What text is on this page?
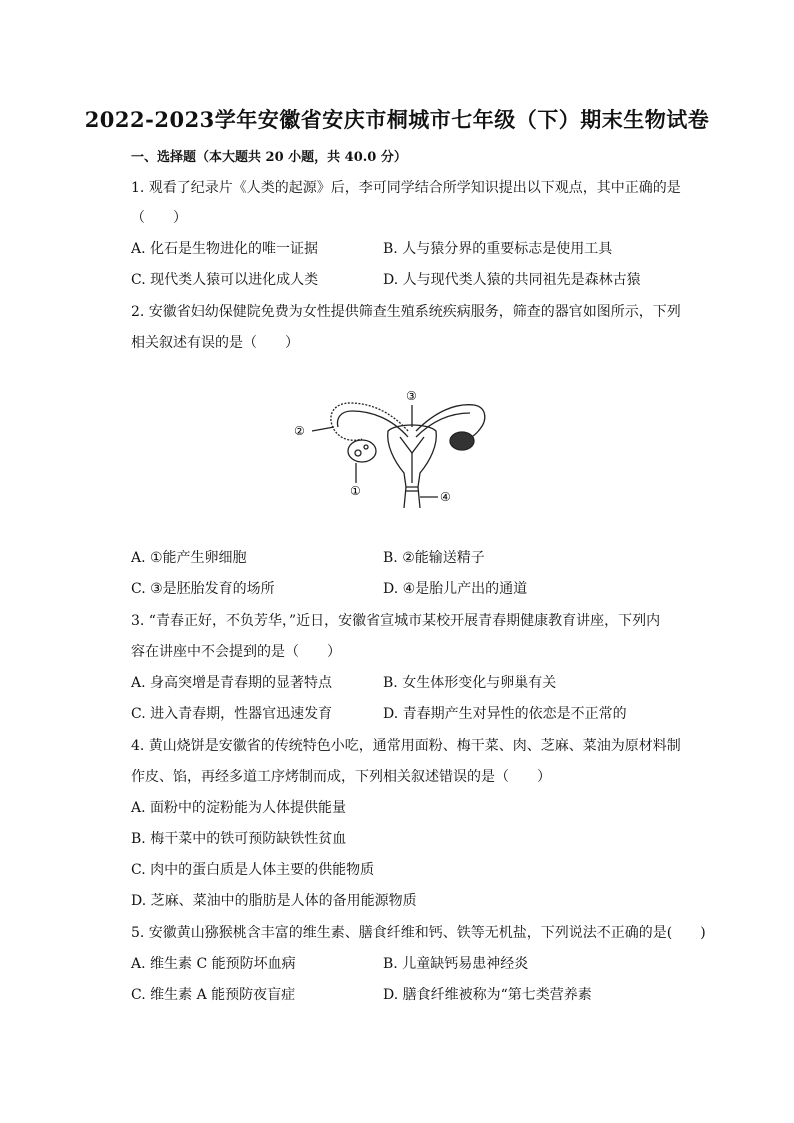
2022-2023学年安徽省安庆市桐城市七年级（下）期末生物试卷
一、选择题（本大题共 20 小题，共 40.0 分）
1. 观看了纪录片《人类的起源》后，李可同学结合所学知识提出以下观点，其中正确的是
（　　）
A. 化石是生物进化的唯一证据	B. 人与猿分界的重要标志是使用工具
C. 现代类人猿可以进化成人类	D. 人与现代类人猿的共同祖先是森林古猿
2. 安徽省妇幼保健院免费为女性提供筛查生殖系统疾病服务，筛查的器官如图所示，下列
相关叙述有误的是（　　）
③
②
①	④
A. ①能产生卵细胞	B. ②能输送精子
C. ③是胚胎发育的场所	D. ④是胎儿产出的通道
3. “青春正好，不负芳华，”近日，安徽省宣城市某校开展青春期健康教育讲座，下列内
容在讲座中不会提到的是（　　）
A. 身高突增是青春期的显著特点	B. 女生体形变化与卵巢有关
C. 进入青春期，性器官迅速发育	D. 青春期产生对异性的依恋是不正常的
4. 黄山烧饼是安徽省的传统特色小吃，通常用面粉、梅干菜、肉、芝麻、菜油为原材料制
作皮、馅，再经多道工序烤制而成，下列相关叙述错误的是（　　）
A. 面粉中的淀粉能为人体提供能量
B. 梅干菜中的铁可预防缺铁性贫血
C. 肉中的蛋白质是人体主要的供能物质
D. 芝麻、菜油中的脂肪是人体的备用能源物质
5. 安徽黄山猕猴桃含丰富的维生素、膳食纤维和钙、铁等无机盐，下列说法不正确的是(　　)
A. 维生素 C 能预防坏血病	B. 儿童缺钙易患神经炎
C. 维生素 A 能预防夜盲症	D. 膳食纤维被称为“第七类营养素
